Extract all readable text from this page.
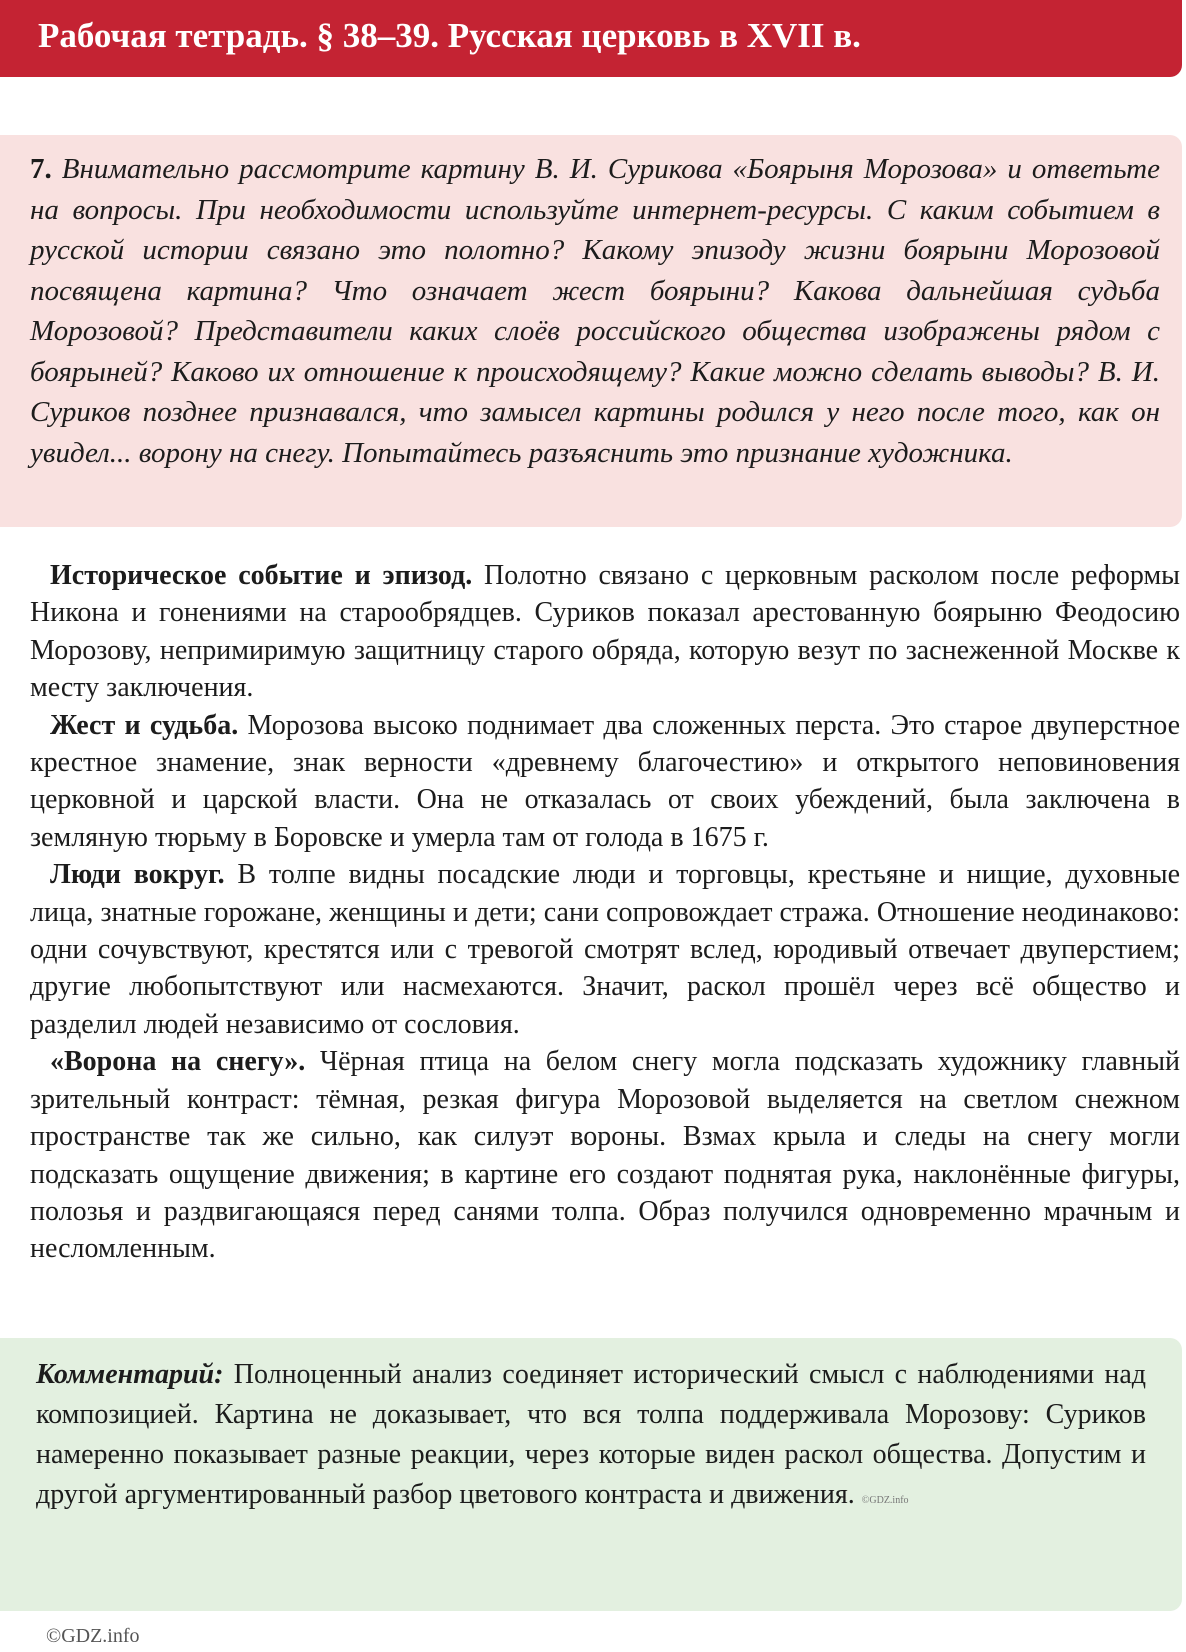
Рабочая тетрадь. § 38–39. Русская церковь в XVII в.

7. Внимательно рассмотрите картину В. И. Сурикова «Боярыня Морозова» и ответьте на вопросы. При необходимости используйте интернет-ресурсы. С каким событием в русской истории связано это полотно? Какому эпизоду жизни боярыни Морозовой посвящена картина? Что означает жест боярыни? Какова дальнейшая судьба Морозовой? Представители каких слоёв российского общества изображены рядом с боярыней? Каково их отношение к происходящему? Какие можно сделать выводы? В. И. Суриков позднее признавался, что замысел картины родился у него после того, как он увидел... ворону на снегу. Попытайтесь разъяснить это признание художника.

Историческое событие и эпизод. Полотно связано с церковным расколом после реформы Никона и гонениями на старообрядцев. Суриков показал арестованную боярыню Феодосию Морозову, непримиримую защитницу старого обряда, которую везут по заснеженной Москве к месту заключения.

Жест и судьба. Морозова высоко поднимает два сложенных перста. Это старое двуперстное крестное знамение, знак верности «древнему благочестию» и открытого неповиновения церковной и царской власти. Она не отказалась от своих убеждений, была заключена в земляную тюрьму в Боровске и умерла там от голода в 1675 г.

Люди вокруг. В толпе видны посадские люди и торговцы, крестьяне и нищие, духовные лица, знатные горожане, женщины и дети; сани сопровождает стража. Отношение неодинаково: одни сочувствуют, крестятся или с тревогой смотрят вслед, юродивый отвечает двуперстием; другие любопытствуют или насмехаются. Значит, раскол прошёл через всё общество и разделил людей независимо от сословия.

«Ворона на снегу». Чёрная птица на белом снегу могла подсказать художнику главный зрительный контраст: тёмная, резкая фигура Морозовой выделяется на светлом снежном пространстве так же сильно, как силуэт вороны. Взмах крыла и следы на снегу могли подсказать ощущение движения; в картине его создают поднятая рука, наклонённые фигуры, полозья и раздвигающаяся перед санями толпа. Образ получился одновременно мрачным и несломленным.

Комментарий: Полноценный анализ соединяет исторический смысл с наблюдениями над композицией. Картина не доказывает, что вся толпа поддерживала Морозову: Суриков намеренно показывает разные реакции, через которые виден раскол общества. Допустим и другой аргументированный разбор цветового контраста и движения. ©GDZ.info

©GDZ.info
